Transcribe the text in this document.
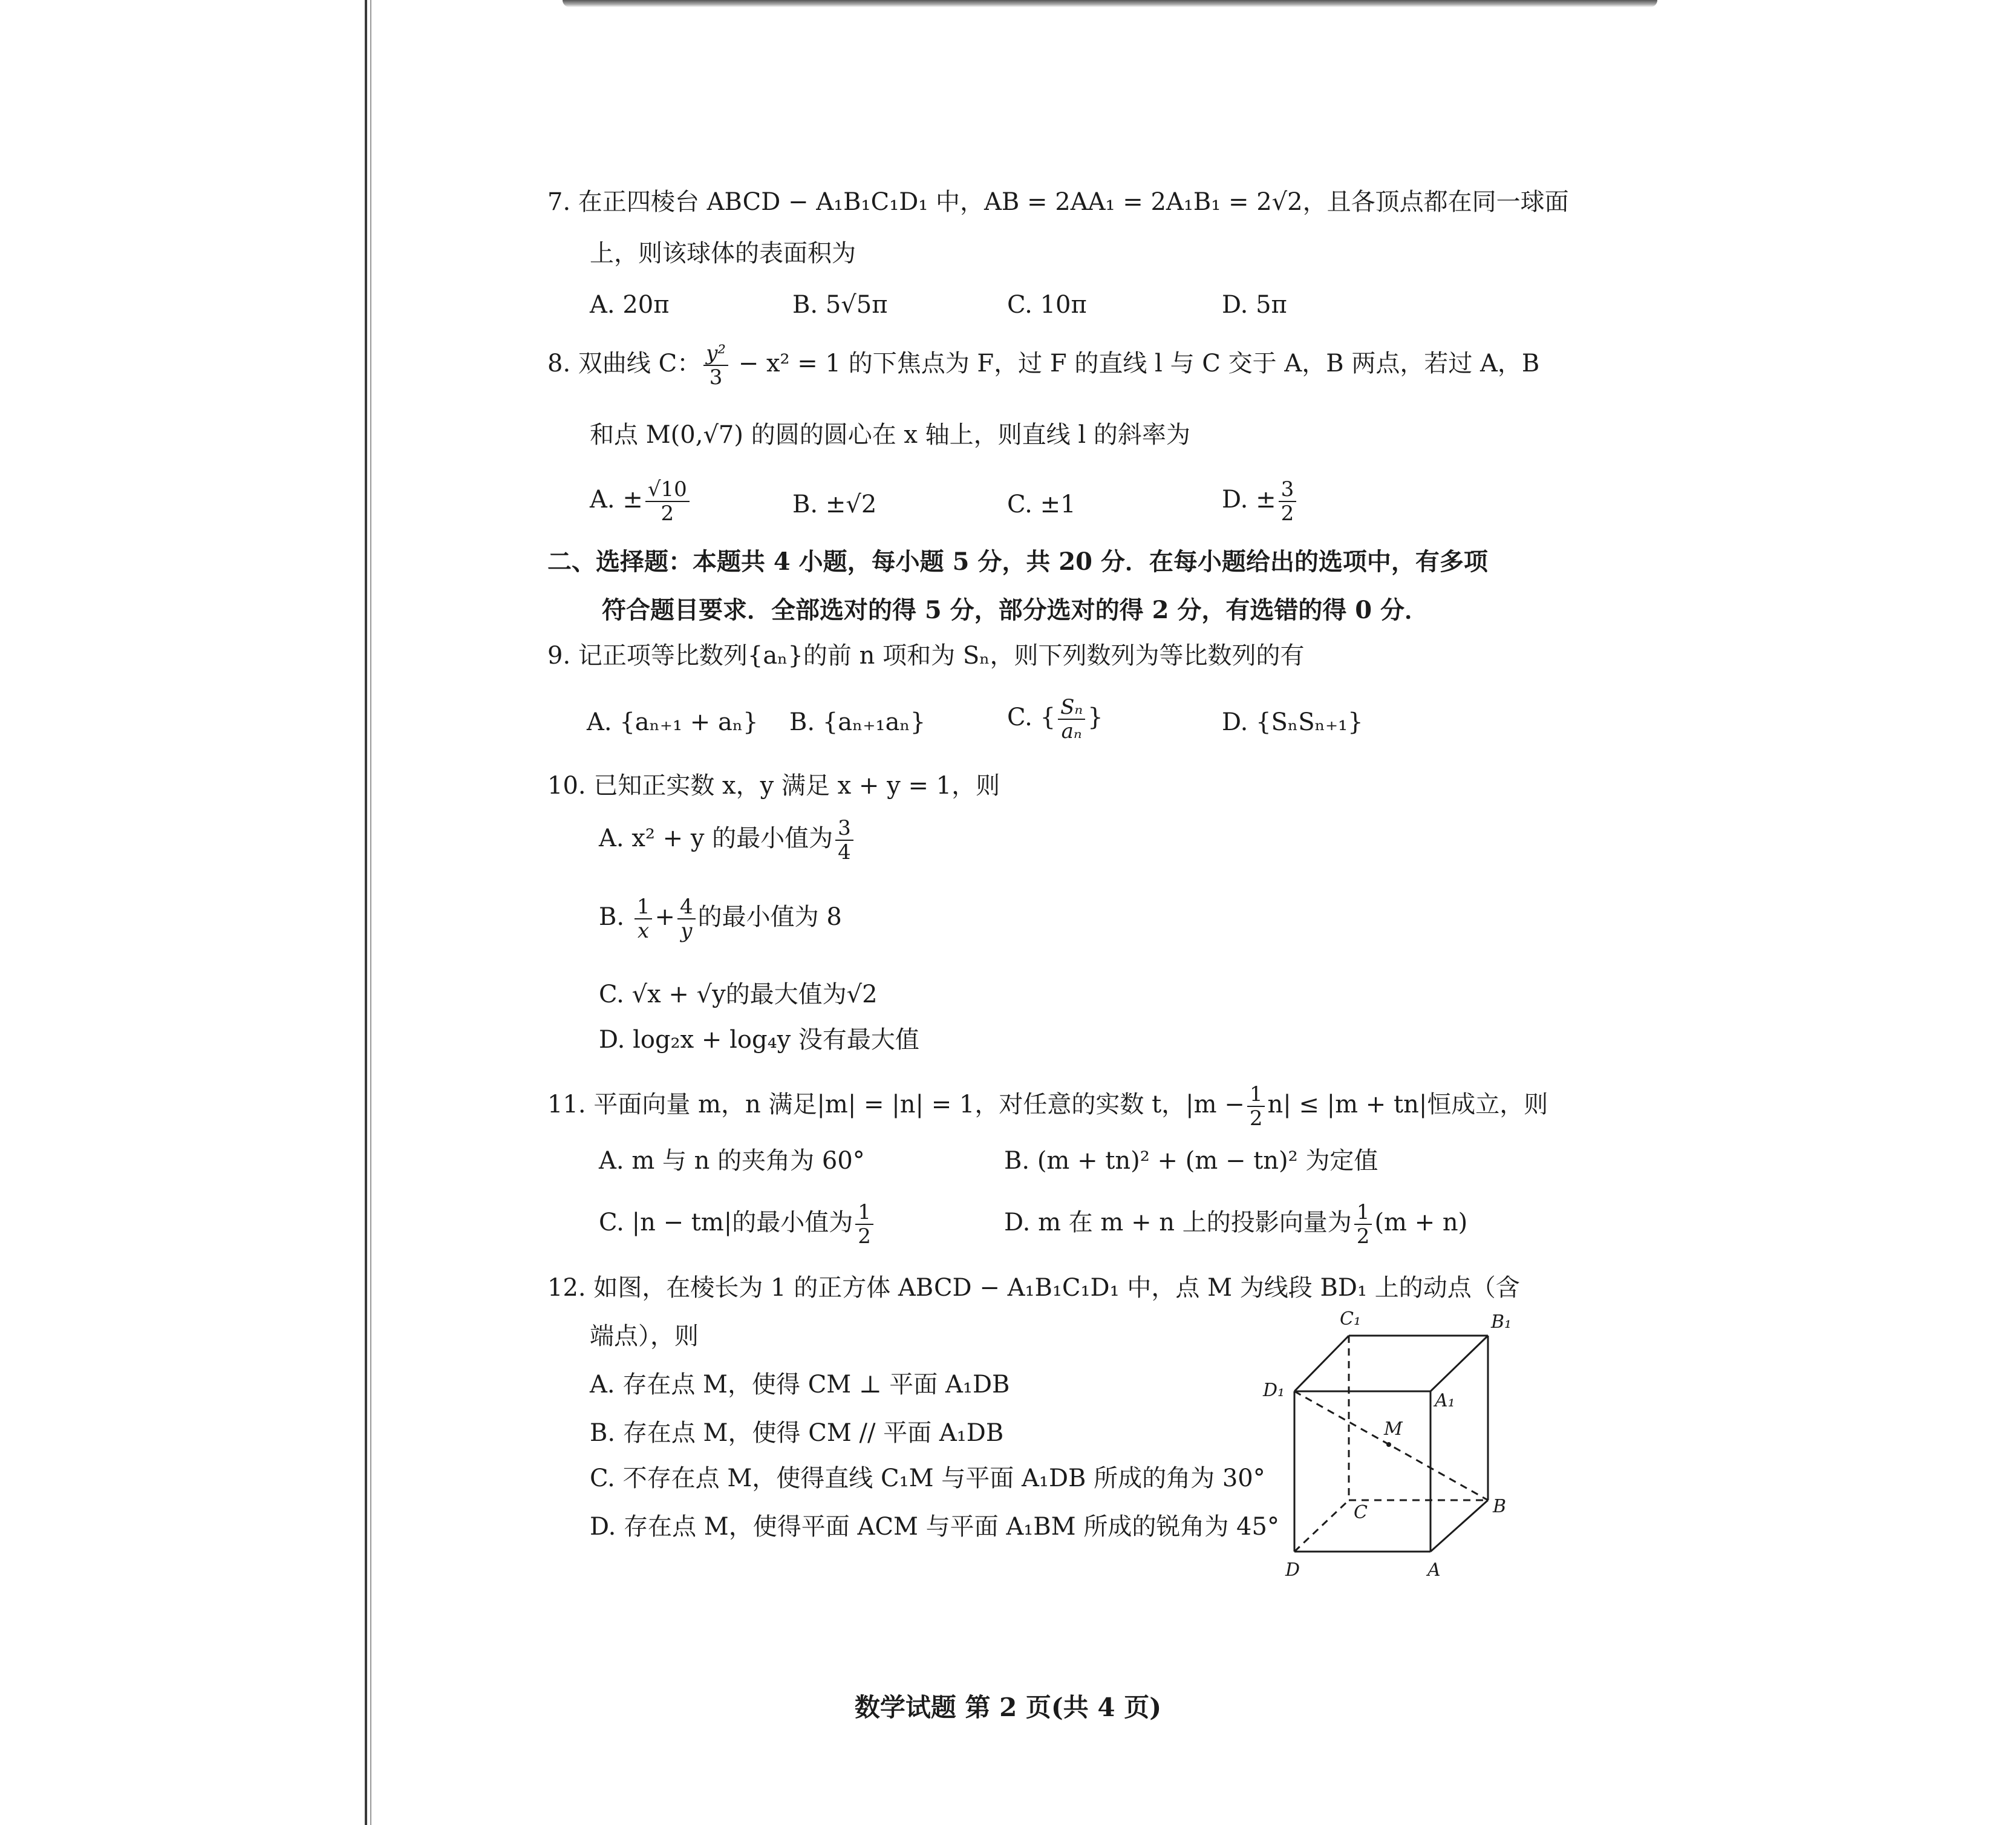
7. 在正四棱台 ABCD − A₁B₁C₁D₁ 中，AB = 2AA₁ = 2A₁B₁ = 2√2，且各顶点都在同一球面
上，则该球体的表面积为
A. 20π	B. 5√5π	C. 10π	D. 5π
8. 双曲线 C： $\frac{\text{y²}}{3} - x^2 = 1$ 的下焦点为 F，过 F 的直线 l 与 C 交于 A，B 两点，若过 A，B
和点 M(0,√7) 的圆的圆心在 x 轴上，则直线 l 的斜率为
A. ± $\frac{√10}{2}$	B. ±√2	C. ±1	D. ± $\frac{3}{2}$
二、选择题：本题共 4 小题，每小题 5 分，共 20 分．在每小题给出的选项中，有多项
符合题目要求．全部选对的得 5 分，部分选对的得 2 分，有选错的得 0 分．
9. 记正项等比数列{aₙ}的前 n 项和为 Sₙ，则下列数列为等比数列的有
A. {aₙ₊₁ + aₙ} B. {aₙ₊₁aₙ}	C. { $\frac{\text{Sₙ}}{\text{aₙ}}$ }	D. {SₙSₙ₊₁}
10. 已知正实数 x，y 满足 x + y = 1，则
A. x² + y 的最小值为 $\frac{3}{4}$
B. $\frac{1}{x} + \frac{4}{y}$ 的最小值为 8
C. √x + √y的最大值为√2
D. log₂x + log₄y 没有最大值
11. 平面向量 m，n 满足|m| = |n| = 1，对任意的实数 t，$|m - \frac{1}{2} n| \le |m + tn|$恒成立，则
A. m 与 n 的夹角为 60°	B. (m + tn)² + (m − tn)² 为定值
C. |n − tm|的最小值为 $\frac{1}{2}$	D. m 在 m + n 上的投影向量为 $\frac{1}{2} (m + n)$
12. 如图，在棱长为 1 的正方体 ABCD − A₁B₁C₁D₁ 中，点 M 为线段 BD₁ 上的动点（含
端点），则
A. 存在点 M，使得 CM ⊥ 平面 A₁DB
B. 存在点 M，使得 CM // 平面 A₁DB
C. 不存在点 M，使得直线 C₁M 与平面 A₁DB 所成的角为 30°
D. 存在点 M，使得平面 ACM 与平面 A₁BM 所成的锐角为 45°
C₁	B₁
D₁	A₁
M
C	B
D	A
数学试题 第 2 页(共 4 页)
